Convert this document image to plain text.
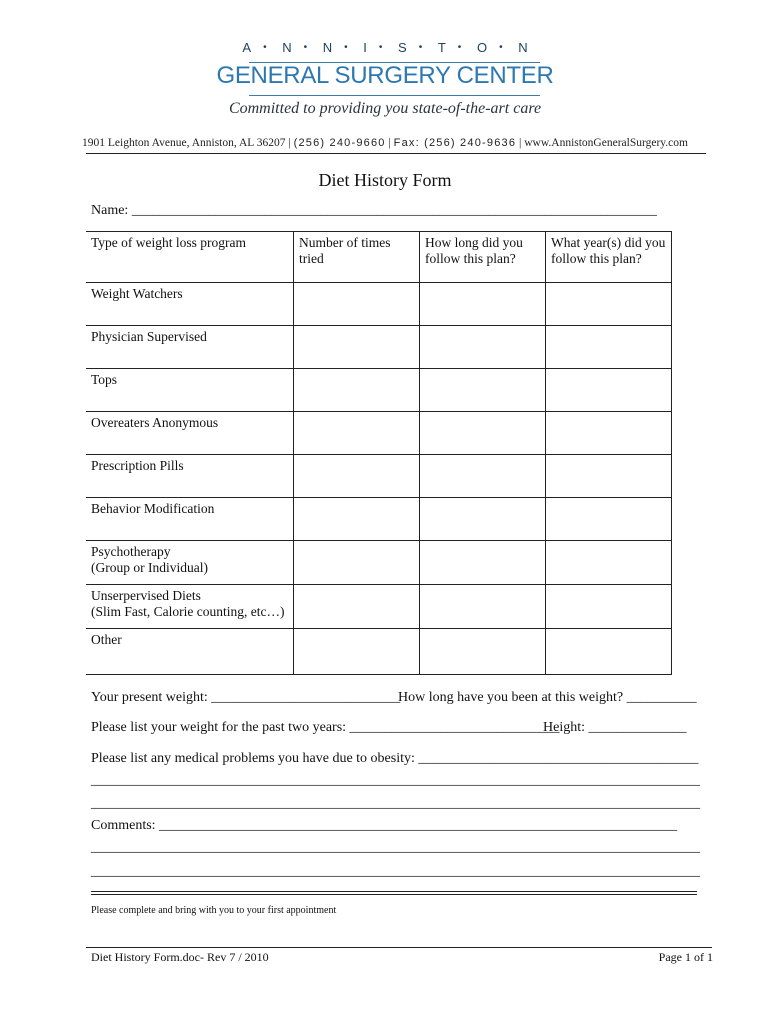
A • N • N • I • S • T • O • N
GENERAL SURGERY CENTER
Committed to providing you state-of-the-art care
1901 Leighton Avenue, Anniston, AL 36207 | (256) 240-9660 | Fax: (256) 240-9636 | www.AnnistonGeneralSurgery.com
Diet History Form
Name: ___________________________________________________________________________
Type of weight loss program	Number of times tried	How long did you follow this plan?	What year(s) did you follow this plan?
Weight Watchers			
Physician Supervised			
Tops			
Overeaters Anonymous			
Prescription Pills			
Behavior Modification			

Psychotherapy
(Group or Individual)			

Unserpervised Diets
(Slim Fast, Calorie counting, etc…)			

Other			
Your present weight: ___________________________
How long have you been at this weight? __________
Please list your weight for the past two years: ______________________________
Height: ______________
Please list any medical problems you have due to obesity: ________________________________________
_______________________________________________________________________________________
_______________________________________________________________________________________
Comments: __________________________________________________________________________
_______________________________________________________________________________________
_______________________________________________________________________________________
Please complete and bring with you to your first appointment
Diet History Form.doc- Rev 7 / 2010	Page 1 of 1
